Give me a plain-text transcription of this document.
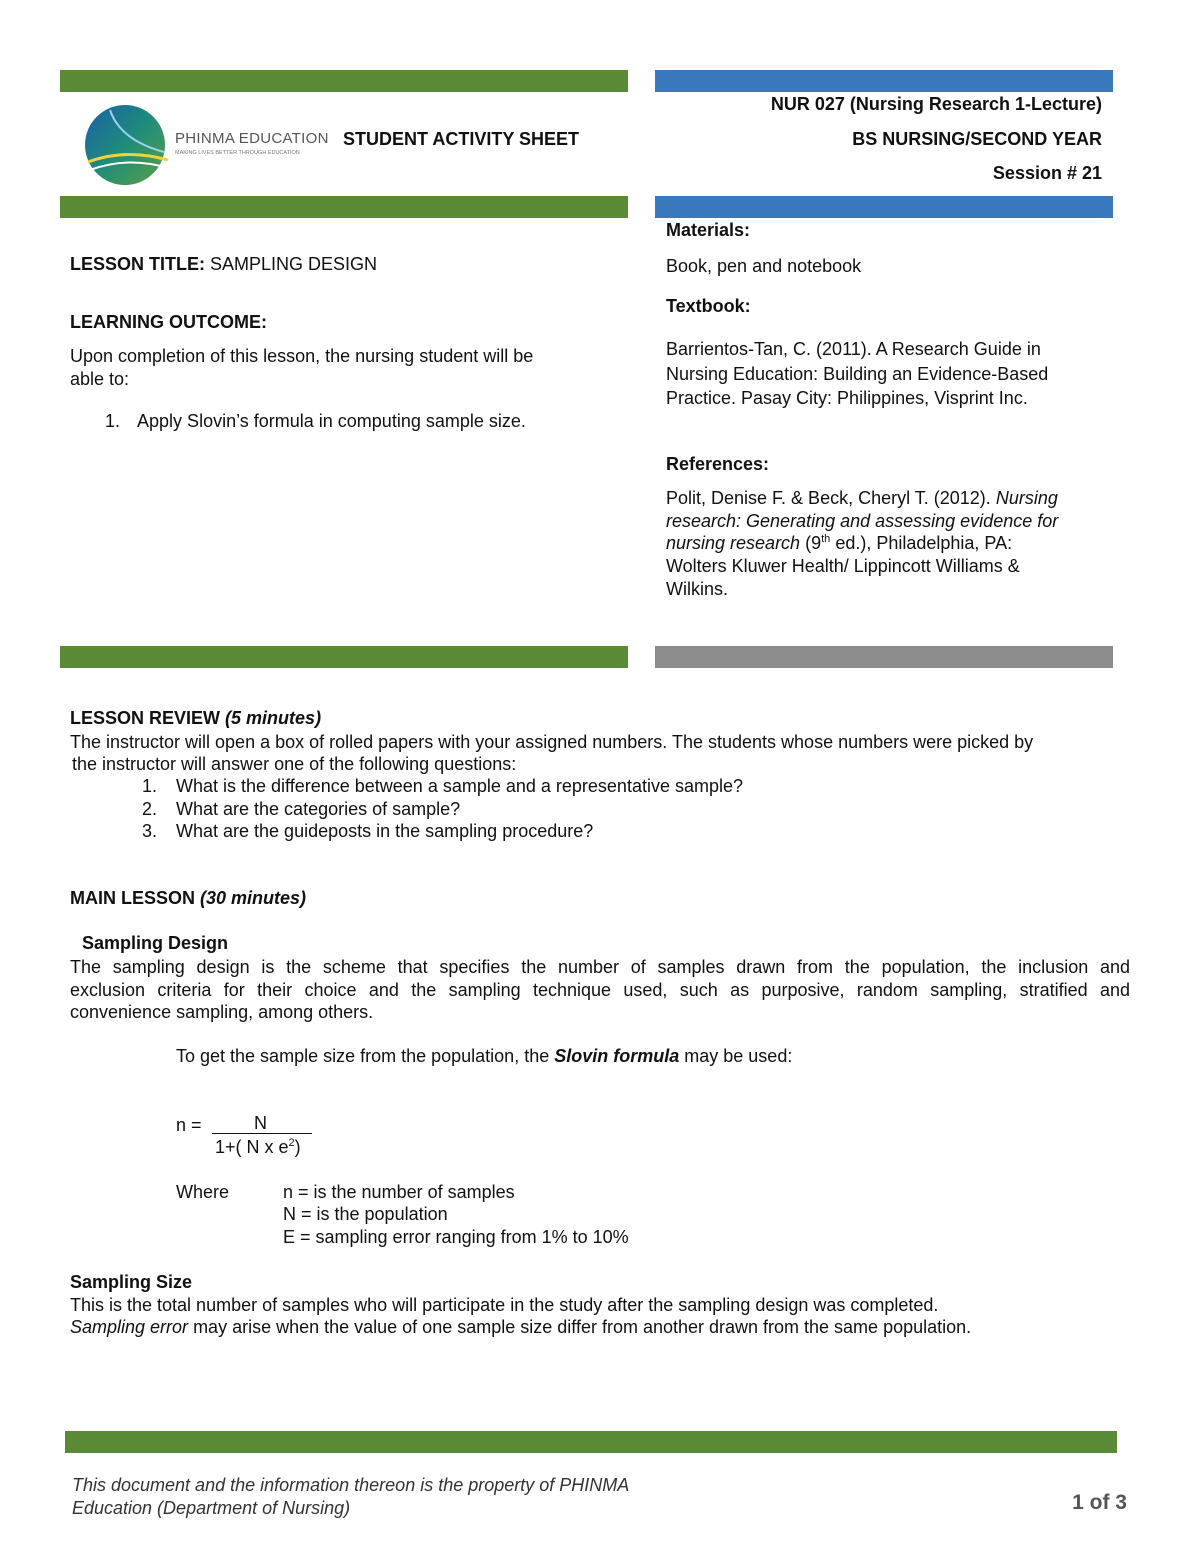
PHINMA EDUCATION
MAKING LIVES BETTER THROUGH EDUCATION
STUDENT ACTIVITY SHEET
NUR 027 (Nursing Research 1-Lecture)
BS NURSING/SECOND YEAR
Session # 21
LESSON TITLE: SAMPLING DESIGN
LEARNING OUTCOME:
Upon completion of this lesson, the nursing student will be
able to:
1. Apply Slovin’s formula in computing sample size.
Materials:
Book, pen and notebook
Textbook:
Barrientos-Tan, C. (2011). A Research Guide in
Nursing Education: Building an Evidence-Based
Practice. Pasay City: Philippines, Visprint Inc.
References:
Polit, Denise F. & Beck, Cheryl T. (2012). Nursing
research: Generating and assessing evidence for
nursing research (9th ed.), Philadelphia, PA:
Wolters Kluwer Health/ Lippincott Williams &
Wilkins.
LESSON REVIEW (5 minutes)
The instructor will open a box of rolled papers with your assigned numbers. The students whose numbers were picked by
the instructor will answer one of the following questions:
1. What is the difference between a sample and a representative sample?
2. What are the categories of sample?
3. What are the guideposts in the sampling procedure?
MAIN LESSON (30 minutes)
Sampling Design
The sampling design is the scheme that specifies the number of samples drawn from the population, the inclusion and
exclusion criteria for their choice and the sampling technique used, such as purposive, random sampling, stratified and
convenience sampling, among others.
To get the sample size from the population, the Slovin formula may be used:
n =	N
1+( N x $e^2$)
Where	n = is the number of samples
N = is the population
E = sampling error ranging from 1% to 10%
Sampling Size
This is the total number of samples who will participate in the study after the sampling design was completed.
Sampling error may arise when the value of one sample size differ from another drawn from the same population.
This document and the information thereon is the property of PHINMA
Education (Department of Nursing)	1 of 3
